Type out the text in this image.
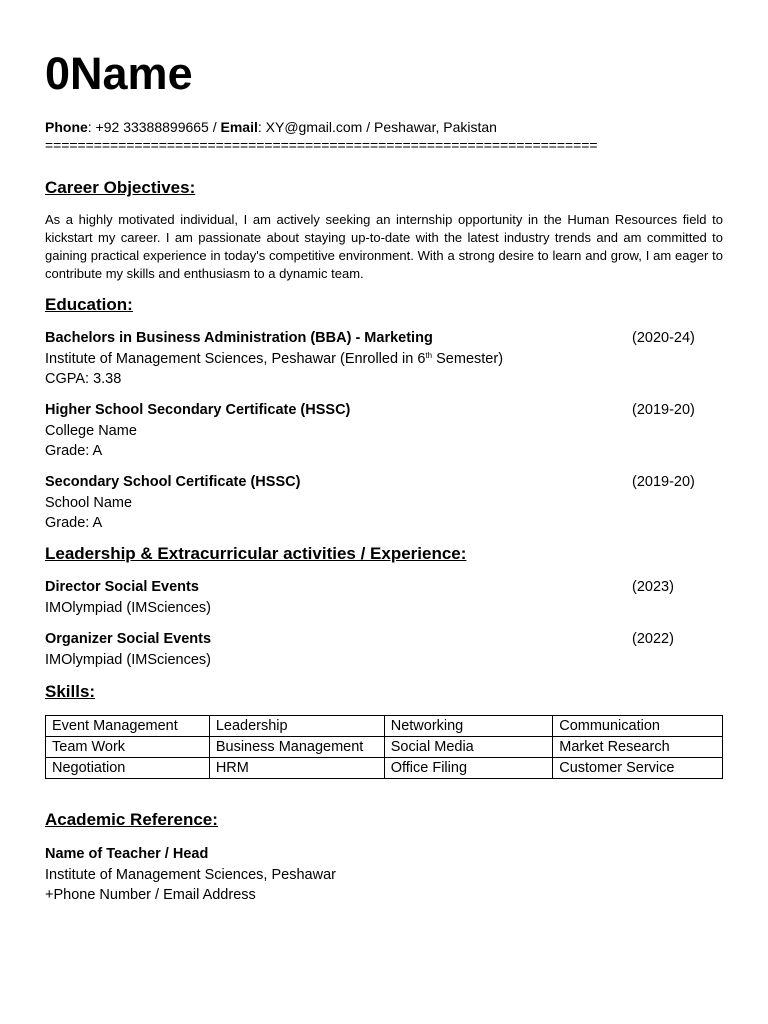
0Name
Phone: +92 33388899665 / Email: XY@gmail.com / Peshawar, Pakistan
====================================================================
Career Objectives:

As a highly motivated individual, I am actively seeking an internship opportunity in the Human Resources field to kickstart my career. I am passionate about staying up-to-date with the latest industry trends and am committed to gaining practical experience in today's competitive environment. With a strong desire to learn and grow, I am eager to contribute my skills and enthusiasm to a dynamic team.

Education:
Bachelors in Business Administration (BBA) - Marketing	(2020-24)
Institute of Management Sciences, Peshawar (Enrolled in 6th Semester)
CGPA: 3.38
Higher School Secondary Certificate (HSSC)	(2019-20)
College Name
Grade: A
Secondary School Certificate (HSSC)	(2019-20)
School Name
Grade: A
Leadership & Extracurricular activities / Experience:
Director Social Events	(2023)
IMOlympiad (IMSciences)
Organizer Social Events	(2022)
IMOlympiad (IMSciences)
Skills:
Event Management	Leadership	Networking	Communication
Team Work	Business Management	Social Media	Market Research
Negotiation	HRM	Office Filing	Customer Service
Academic Reference:
Name of Teacher / Head
Institute of Management Sciences, Peshawar
+Phone Number / Email Address
